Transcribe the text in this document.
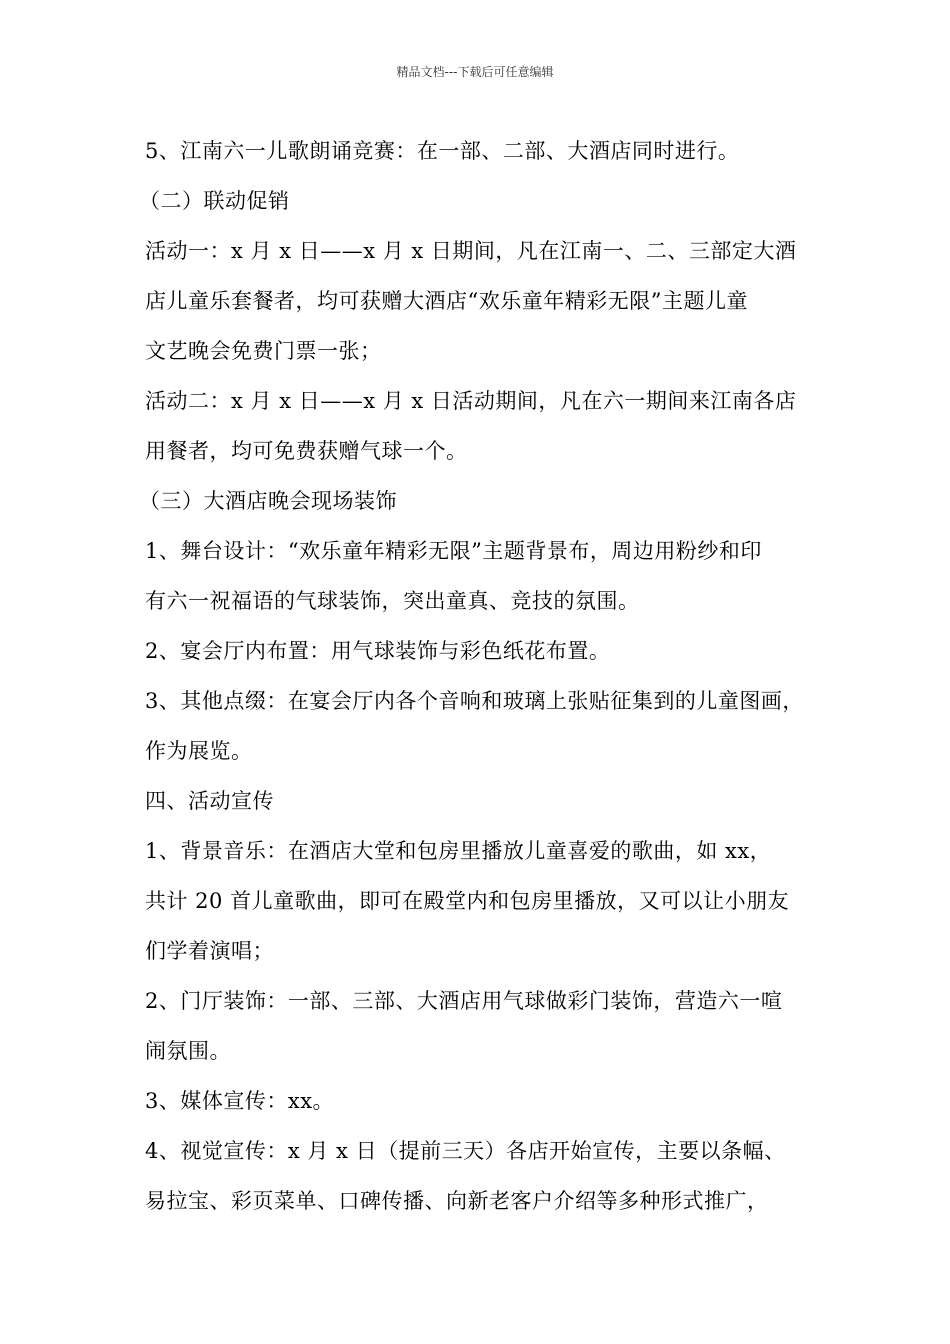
精品文档---下载后可任意编辑
5、江南六一儿歌朗诵竞赛：在一部、二部、大酒店同时进行。
（二）联动促销
活动一：x 月 x 日——x 月 x 日期间，凡在江南一、二、三部定大酒
店儿童乐套餐者，均可获赠大酒店“欢乐童年精彩无限”主题儿童
文艺晚会免费门票一张；
活动二：x 月 x 日——x 月 x 日活动期间，凡在六一期间来江南各店
用餐者，均可免费获赠气球一个。
（三）大酒店晚会现场装饰
1、舞台设计：“欢乐童年精彩无限”主题背景布，周边用粉纱和印
有六一祝福语的气球装饰，突出童真、竞技的氛围。
2、宴会厅内布置：用气球装饰与彩色纸花布置。
3、其他点缀：在宴会厅内各个音响和玻璃上张贴征集到的儿童图画，
作为展览。
四、活动宣传
1、背景音乐：在酒店大堂和包房里播放儿童喜爱的歌曲，如 xx，
共计 20 首儿童歌曲，即可在殿堂内和包房里播放，又可以让小朋友
们学着演唱；
2、门厅装饰：一部、三部、大酒店用气球做彩门装饰，营造六一喧
闹氛围。
3、媒体宣传：xx。
4、视觉宣传：x 月 x 日（提前三天）各店开始宣传，主要以条幅、
易拉宝、彩页菜单、口碑传播、向新老客户介绍等多种形式推广，
